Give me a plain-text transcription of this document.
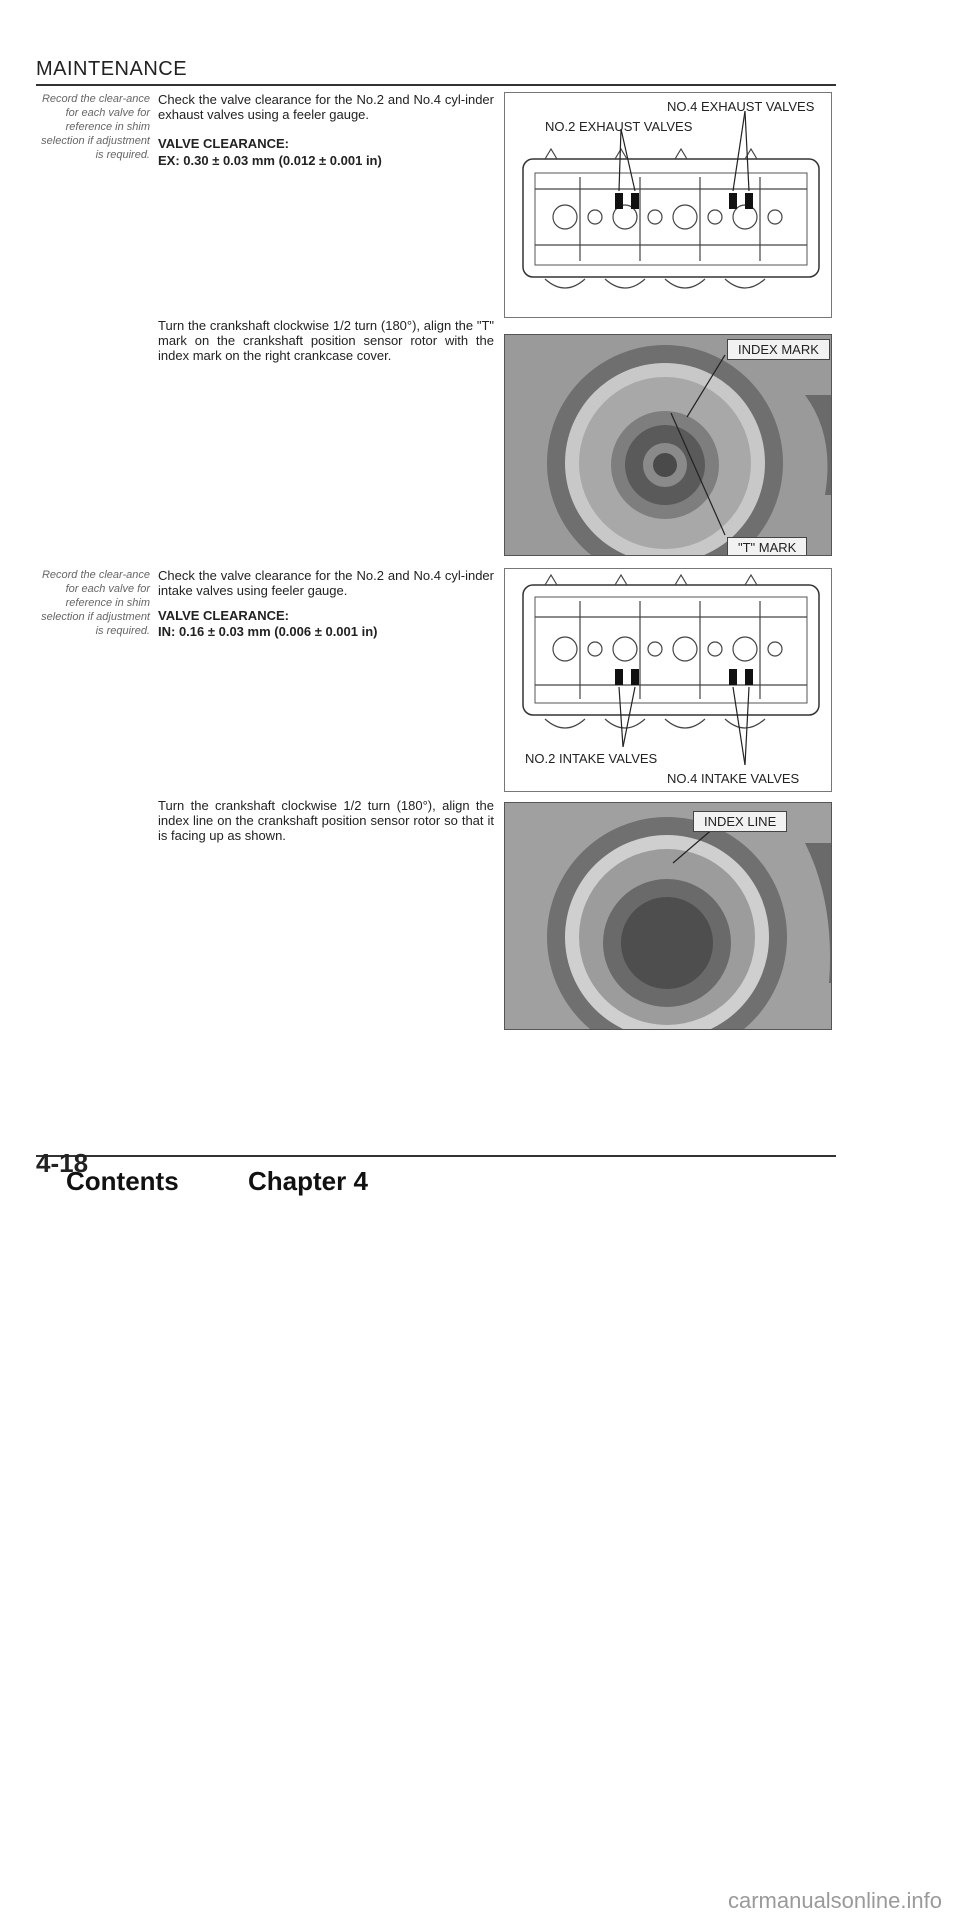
MAINTENANCE
Record the clear-ance for each valve for reference in shim selection if adjustment is required.
Check the valve clearance for the No.2 and No.4 cyl-inder exhaust valves using a feeler gauge.
VALVE CLEARANCE:
EX: 0.30 ± 0.03 mm (0.012 ± 0.001 in)
NO.4 EXHAUST VALVES
NO.2 EXHAUST VALVES
Turn the crankshaft clockwise 1/2 turn (180°), align the "T" mark on the crankshaft position sensor rotor with the index mark on the right crankcase cover.	INDEX MARK
"T" MARK
Record the clear-ance for each valve for reference in shim selection if adjustment is required.
Check the valve clearance for the No.2 and No.4 cyl-inder intake valves using feeler gauge.
VALVE CLEARANCE:
IN: 0.16 ± 0.03 mm (0.006 ± 0.001 in)
NO.2 INTAKE VALVES
NO.4 INTAKE VALVES
Turn the crankshaft clockwise 1/2 turn (180°), align the index line on the crankshaft position sensor rotor so that it is facing up as shown.
INDEX LINE
4-18
Contents	Chapter 4
carmanualsonline.info
